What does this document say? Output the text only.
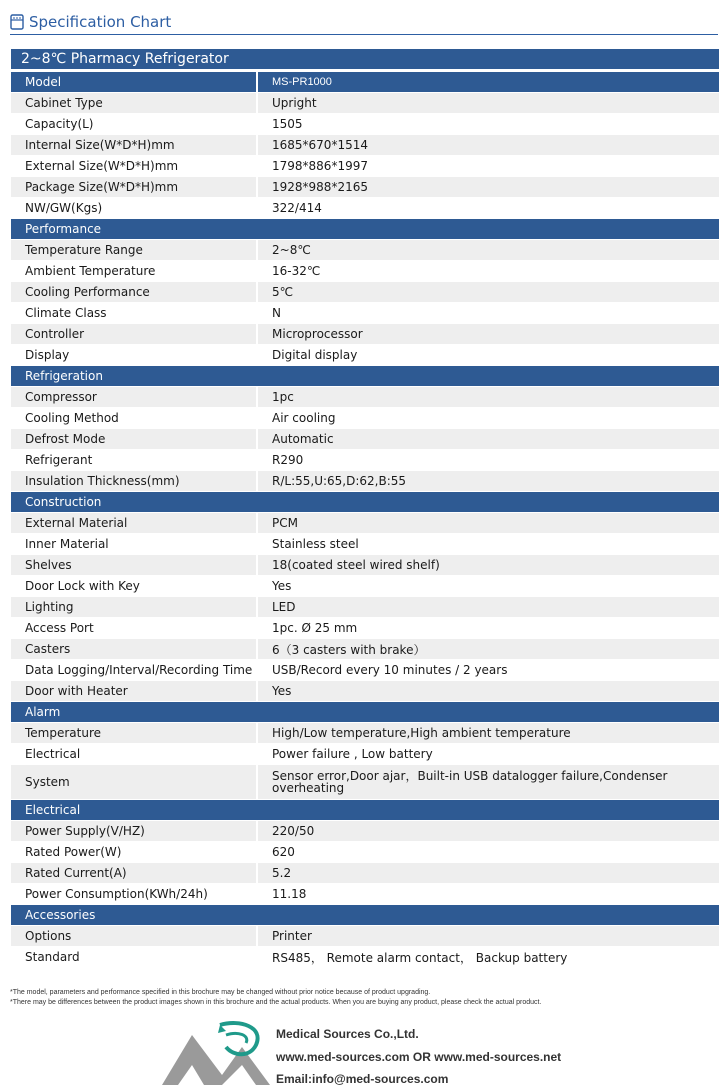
Specification Chart
2~8℃ Pharmacy Refrigerator
Model	MS-PR1000
Cabinet Type	Upright
Capacity(L)	1505
Internal Size(W*D*H)mm	1685*670*1514
External Size(W*D*H)mm	1798*886*1997
Package Size(W*D*H)mm	1928*988*2165
NW/GW(Kgs)	322/414
Performance
Temperature Range	2~8℃
Ambient Temperature	16-32℃
Cooling Performance	5℃
Climate Class	N
Controller	Microprocessor
Display	Digital display
Refrigeration
Compressor	1pc
Cooling Method	Air cooling
Defrost Mode	Automatic
Refrigerant	R290
Insulation Thickness(mm)	R/L:55,U:65,D:62,B:55
Construction
External Material	PCM
Inner Material	Stainless steel
Shelves	18(coated steel wired shelf)
Door Lock with Key	Yes
Lighting	LED
Access Port	1pc. Ø 25 mm
Casters	6（3 casters with brake）
Data Logging/Interval/Recording Time	USB/Record every 10 minutes / 2 years
Door with Heater	Yes
Alarm
Temperature	High/Low temperature,High ambient temperature
Electrical	Power failure , Low battery
System	Sensor error,Door ajar，Built-in USB datalogger failure,Condenser overheating
Electrical
Power Supply(V/HZ)	220/50
Rated Power(W)	620
Rated Current(A)	5.2
Power Consumption(KWh/24h)	11.18
Accessories
Options	Printer
Standard	RS485， Remote alarm contact， Backup battery
*The model, parameters and performance specified in this brochure may be changed without prior notice because of product upgrading.
*There may be differences between the product images shown in this brochure and the actual products. When you are buying any product, please check the actual product.
Medical Sources Co.,Ltd.
www.med-sources.com OR www.med-sources.net
Email:info@med-sources.com
